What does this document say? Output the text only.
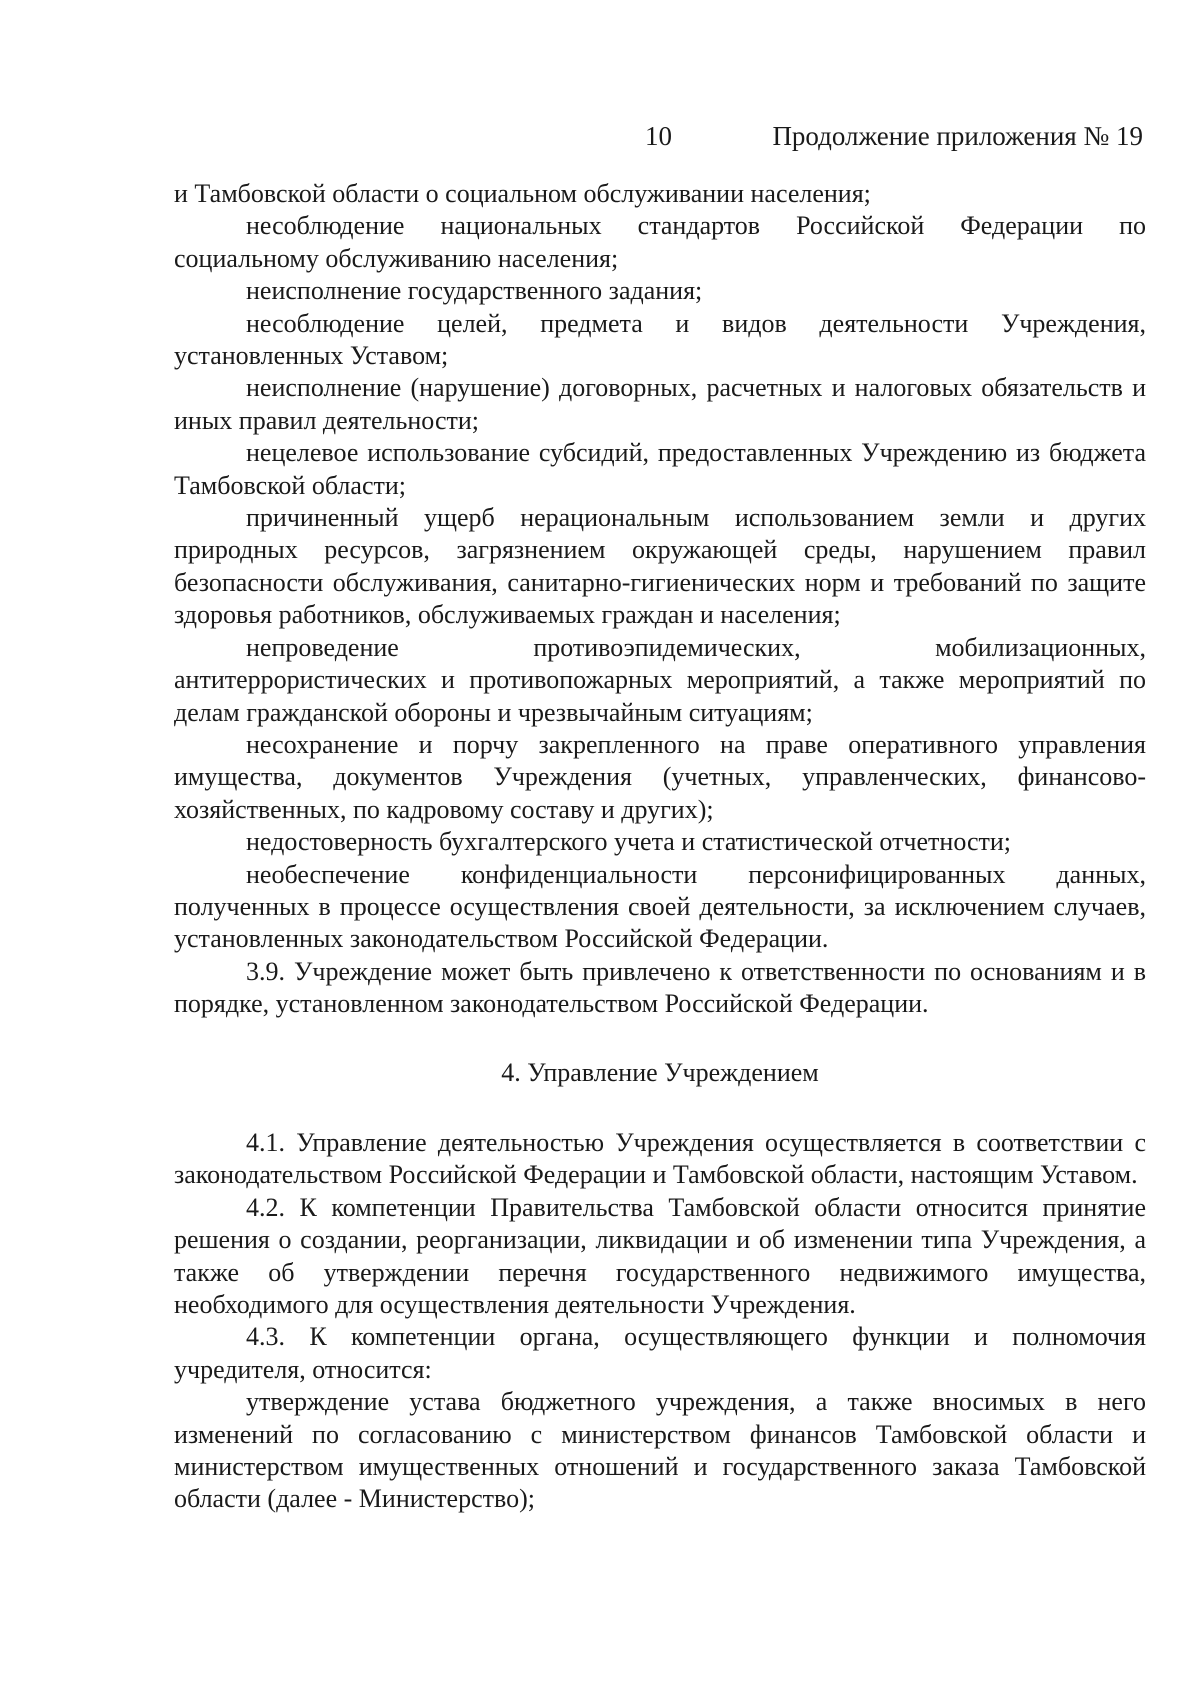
10	Продолжение приложения № 19

и Тамбовской области о социальном обслуживании населения;

несоблюдение национальных стандартов Российской Федерации по социальному обслуживанию населения;

неисполнение государственного задания;

несоблюдение целей, предмета и видов деятельности Учреждения, установленных Уставом;

неисполнение (нарушение) договорных, расчетных и налоговых обязательств и иных правил деятельности;

нецелевое использование субсидий, предоставленных Учреждению из бюджета Тамбовской области;

причиненный ущерб нерациональным использованием земли и других природных ресурсов, загрязнением окружающей среды, нарушением правил безопасности обслуживания, санитарно-гигиенических норм и требований по защите здоровья работников, обслуживаемых граждан и населения;

непроведение противоэпидемических, мобилизационных, антитеррористических и противопожарных мероприятий, а также мероприятий по делам гражданской обороны и чрезвычайным ситуациям;

несохранение и порчу закрепленного на праве оперативного управления имущества, документов Учреждения (учетных, управленческих, финансово-хозяйственных, по кадровому составу и других);

недостоверность бухгалтерского учета и статистической отчетности;

необеспечение конфиденциальности персонифицированных данных, полученных в процессе осуществления своей деятельности, за исключением случаев, установленных законодательством Российской Федерации.

3.9. Учреждение может быть привлечено к ответственности по основаниям и в порядке, установленном законодательством Российской Федерации.

4. Управление Учреждением

4.1. Управление деятельностью Учреждения осуществляется в соответствии с законодательством Российской Федерации и Тамбовской области, настоящим Уставом.

4.2. К компетенции Правительства Тамбовской области относится принятие решения о создании, реорганизации, ликвидации и об изменении типа Учреждения, а также об утверждении перечня государственного недвижимого имущества, необходимого для осуществления деятельности Учреждения.

4.3. К компетенции органа, осуществляющего функции и полномочия учредителя, относится:

утверждение устава бюджетного учреждения, а также вносимых в него изменений по согласованию с министерством финансов Тамбовской области и министерством имущественных отношений и государственного заказа Тамбовской области (далее - Министерство);
